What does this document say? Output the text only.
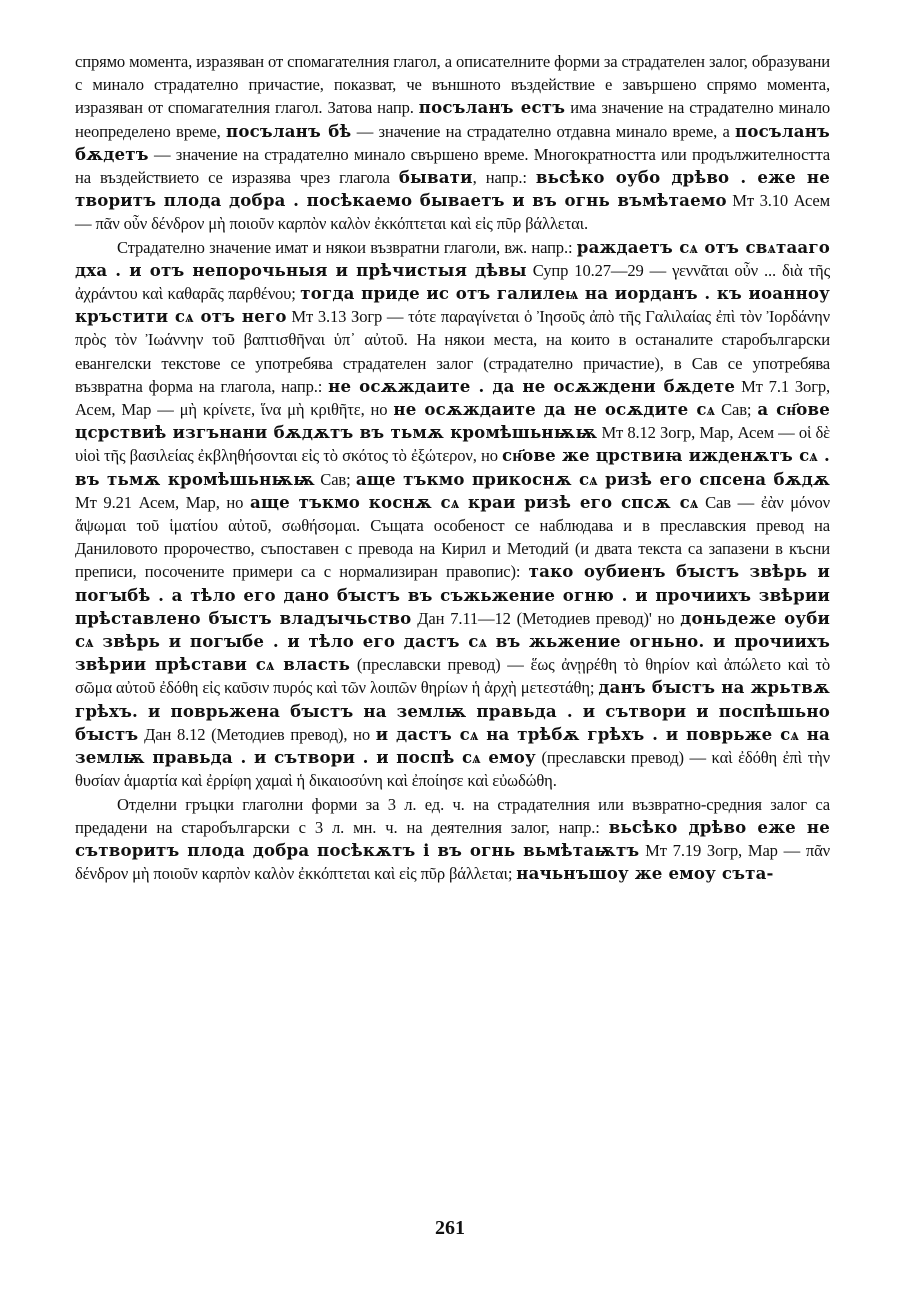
спрямо момента, изразяван от спомагателния глагол, а описателните форми за страдателен залог, образувани с минало страдателно причастие, показват, че външното въздействие е завършено спрямо момента, изразяван от спомагателния глагол. Затова напр. посъланъ естъ има значение на страдателно минало неопределено време, посъланъ бѣ — значение на страдателно отдавна минало време, а посъланъ бѫдетъ — значение на страдателно минало свършено време. Многократността или продължителността на въздействието се изразява чрез глагола бывати, напр.: вьсѣко оубо дрѣво . еже не творитъ плода добра . посѣкаемо бываетъ и въ огнь въмѣтаемо Мт 3.10 Асем — πᾶν οὖν δένδρον μὴ ποιοῦν καρπὸν καλὸν ἐκκόπτεται καὶ εἰς πῦρ βάλλεται.

Страдателно значение имат и някои възвратни глаголи, вж. напр.: раждаетъ сѧ отъ свѧтааго дха . и отъ непорочьныя и прѣчистыя дѣвы Супр 10.27—29 — γεννᾶται οὖν ... διὰ τῆς ἀχράντου καὶ καθαρᾶς παρθένου; тогда приде ис отъ галилеѩ на иорданъ . къ иоанноу кръстити сѧ отъ него Мт 3.13 Зогр — τότε παραγίνεται ὁ Ἰησοῦς ἀπὸ τῆς Γαλιλαίας ἐπὶ τὸν Ἰορδάνην πρὸς τὸν Ἰωάννην τοῦ βαπτισθῆναι ὑπ᾿ αὐτοῦ. На някои места, на които в останалите старобългарски евангелски текстове се употребява страдателен залог (страдателно причастие), в Сав се употребява възвратна форма на глагола, напр.: не осѫждаите . да не осѫждени бѫдете Мт 7.1 Зогр, Асем, Мар — μὴ κρίνετε, ἵνα μὴ κριθῆτε, но не осѫждаите да не осѫдите сѧ Сав; а сн҃ове цсрствиѣ изгънани бѫдѫтъ въ тьмѫ кромѣшьнѭѭ Мт 8.12 Зогр, Мар, Асем — οἱ δὲ υἱοὶ τῆς βασιλείας ἐκβληθήσονται εἰς τὸ σκότος τὸ ἐξώτερον, но сн҃ове же црствиꙗ ижденѫтъ сѧ . въ тьмѫ кромѣшьнѭѭ Сав; аще тъкмо прикоснѫ сѧ ризѣ его спсена бѫдѫ Мт 9.21 Асем, Мар, но аще тъкмо коснѫ сѧ краи ризѣ его спсѫ сѧ Сав — ἐὰν μόνον ἅψωμαι τοῦ ἱματίου αὐτοῦ, σωθήσομαι. Същата особеност се наблюдава и в преславския превод на Даниловото пророчество, съпоставен с превода на Кирил и Методий (и двата текста са запазени в късни преписи, посочените примери са с нормализиран правопис): тако оубиенъ бꙑстъ звѣрь и погꙑбѣ . а тѣло его дано бꙑстъ въ съжьжение огню . и прочиихъ звѣрии прѣставлено бꙑстъ владꙑчьство Дан 7.11—12 (Методиев превод)' но доньдеже оуби сѧ звѣрь и погꙑбе . и тѣло его дастъ сѧ въ жьжение огньно. и прочиихъ звѣрии прѣстави сѧ власть (преславски превод) — ἕως ἀνῃρέθη τὸ θηρίον καὶ ἀπώλετο καὶ τὸ σῶμα αὐτοῦ ἐδόθη εἰς καῦσιν πυρός καὶ τῶν λοιπῶν θηρίων ἡ ἀρχὴ μετεστάθη; данъ бꙑстъ на жрьтвѫ грѣхъ. и поврьжена бꙑстъ на землѭ правьда . и сътвори и поспѣшьно бꙑстъ Дан 8.12 (Методиев превод), но и дастъ сѧ на трѣбѫ грѣхъ . и поврьже сѧ на землѭ правьда . и сътвори . и поспѣ сѧ емоу (преславски превод) — καὶ ἐδόθη ἐπὶ τὴν θυσίαν ἁμαρτία καὶ ἐρρίφη χαμαὶ ἡ δικαιοσύνη καὶ ἐποίησε καὶ εὐωδώθη.

Отделни гръцки глаголни форми за 3 л. ед. ч. на страдателния или възвратно-средния залог са предадени на старобългарски с 3 л. мн. ч. на деятелния залог, напр.: вьсѣко дрѣво еже не сътворитъ плода добра посѣкѫтъ і въ огнь вьмѣтаѭтъ Мт 7.19 Зогр, Мар — πᾶν δένδρον μὴ ποιοῦν καρπὸν καλὸν ἐκκόπτεται καὶ εἰς πῦρ βάλλεται; начьнъшоу же емоу съта-

261
